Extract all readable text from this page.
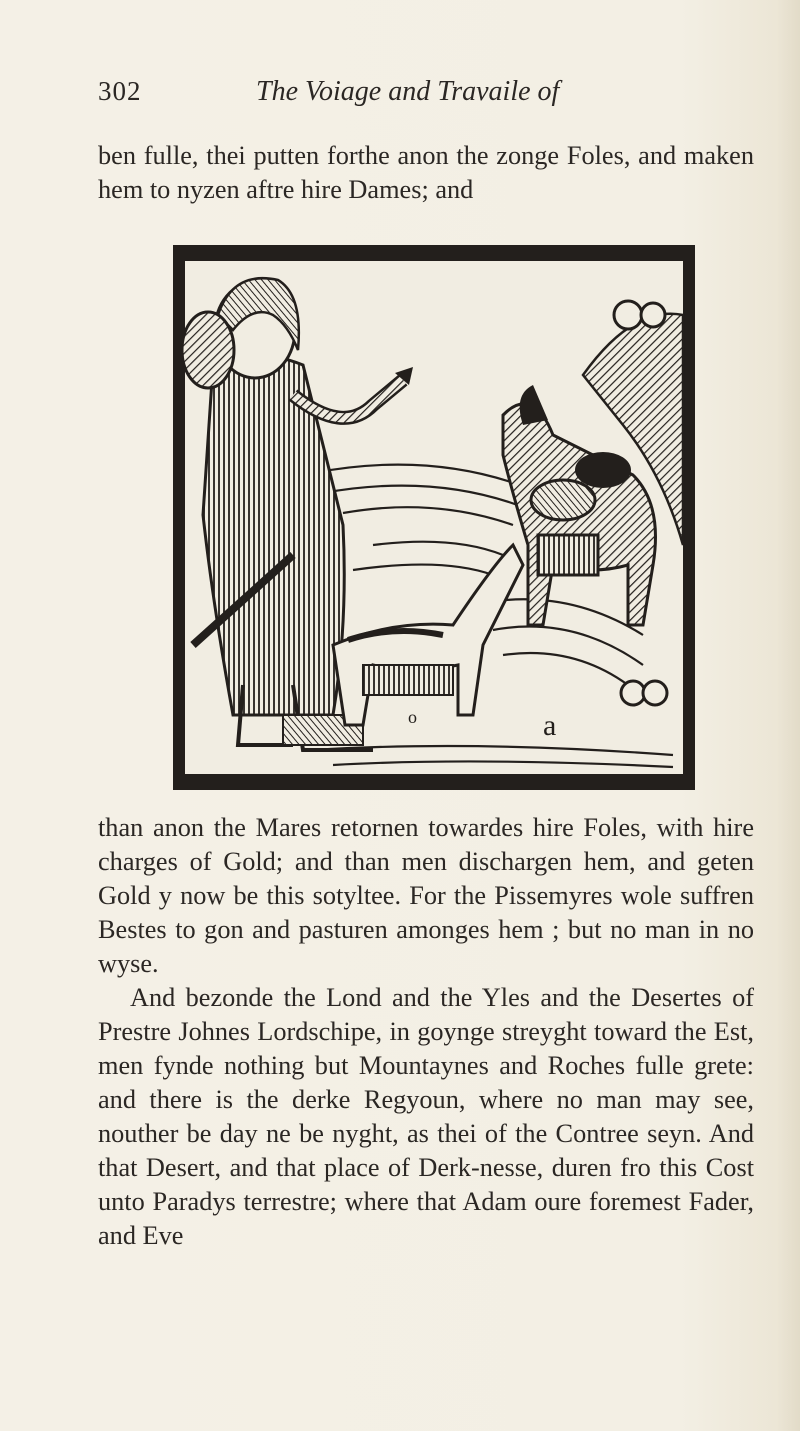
302	The Voiage and Travaile of

ben fulle, thei putten forthe anon the zonge Foles, and maken hem to nyzen aftre hire Dames; and

a
o

than anon the Mares retornen towardes hire Foles, with hire charges of Gold; and than men dischargen hem, and geten Gold y now be this sotyltee. For the Pissemyres wole suffren Bestes to gon and pasturen amonges hem ; but no man in no wyse.

And bezonde the Lond and the Yles and the Desertes of Prestre Johnes Lordschipe, in goynge streyght toward the Est, men fynde nothing but Mountaynes and Roches fulle grete: and there is the derke Regyoun, where no man may see, nouther be day ne be nyght, as thei of the Contree seyn. And that Desert, and that place of Derk-nesse, duren fro this Cost unto Paradys terrestre; where that Adam oure foremest Fader, and Eve
